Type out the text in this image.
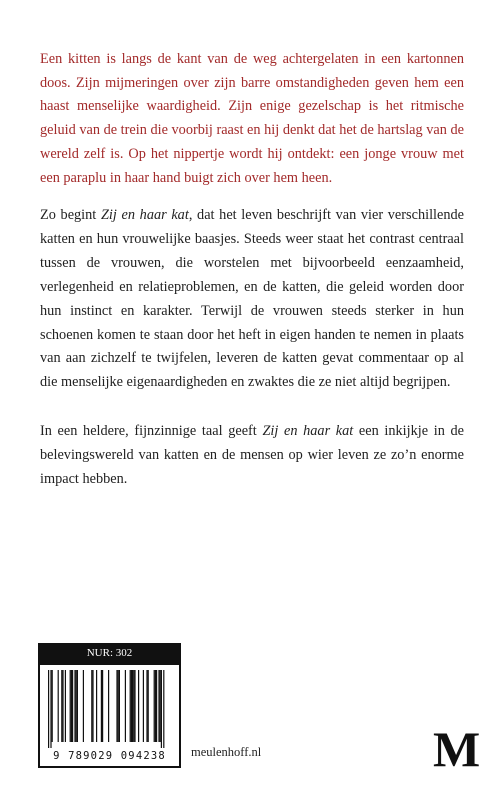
Een kitten is langs de kant van de weg achtergelaten in een kartonnen doos. Zijn mijmeringen over zijn barre omstandigheden geven hem een haast menselijke waardigheid. Zijn enige gezelschap is het ritmische geluid van de trein die voorbij raast en hij denkt dat het de hartslag van de wereld zelf is. Op het nippertje wordt hij ontdekt: een jonge vrouw met een paraplu in haar hand buigt zich over hem heen.

Zo begint Zij en haar kat, dat het leven beschrijft van vier verschillende katten en hun vrouwelijke baasjes. Steeds weer staat het contrast centraal tussen de vrouwen, die worstelen met bijvoorbeeld eenzaamheid, verlegenheid en relatieproblemen, en de katten, die geleid worden door hun instinct en karakter. Terwijl de vrouwen steeds sterker in hun schoenen komen te staan door het heft in eigen handen te nemen in plaats van aan zichzelf te twijfelen, leveren de katten gevat commentaar op al die menselijke eigenaardigheden en zwaktes die ze niet altijd begrijpen.

In een heldere, fijnzinnige taal geeft Zij en haar kat een inkijkje in de belevingswereld van katten en de mensen op wier leven ze zo’n enorme impact hebben.

NUR: 302
9 789029 094238	meulenhoff.nl	M
